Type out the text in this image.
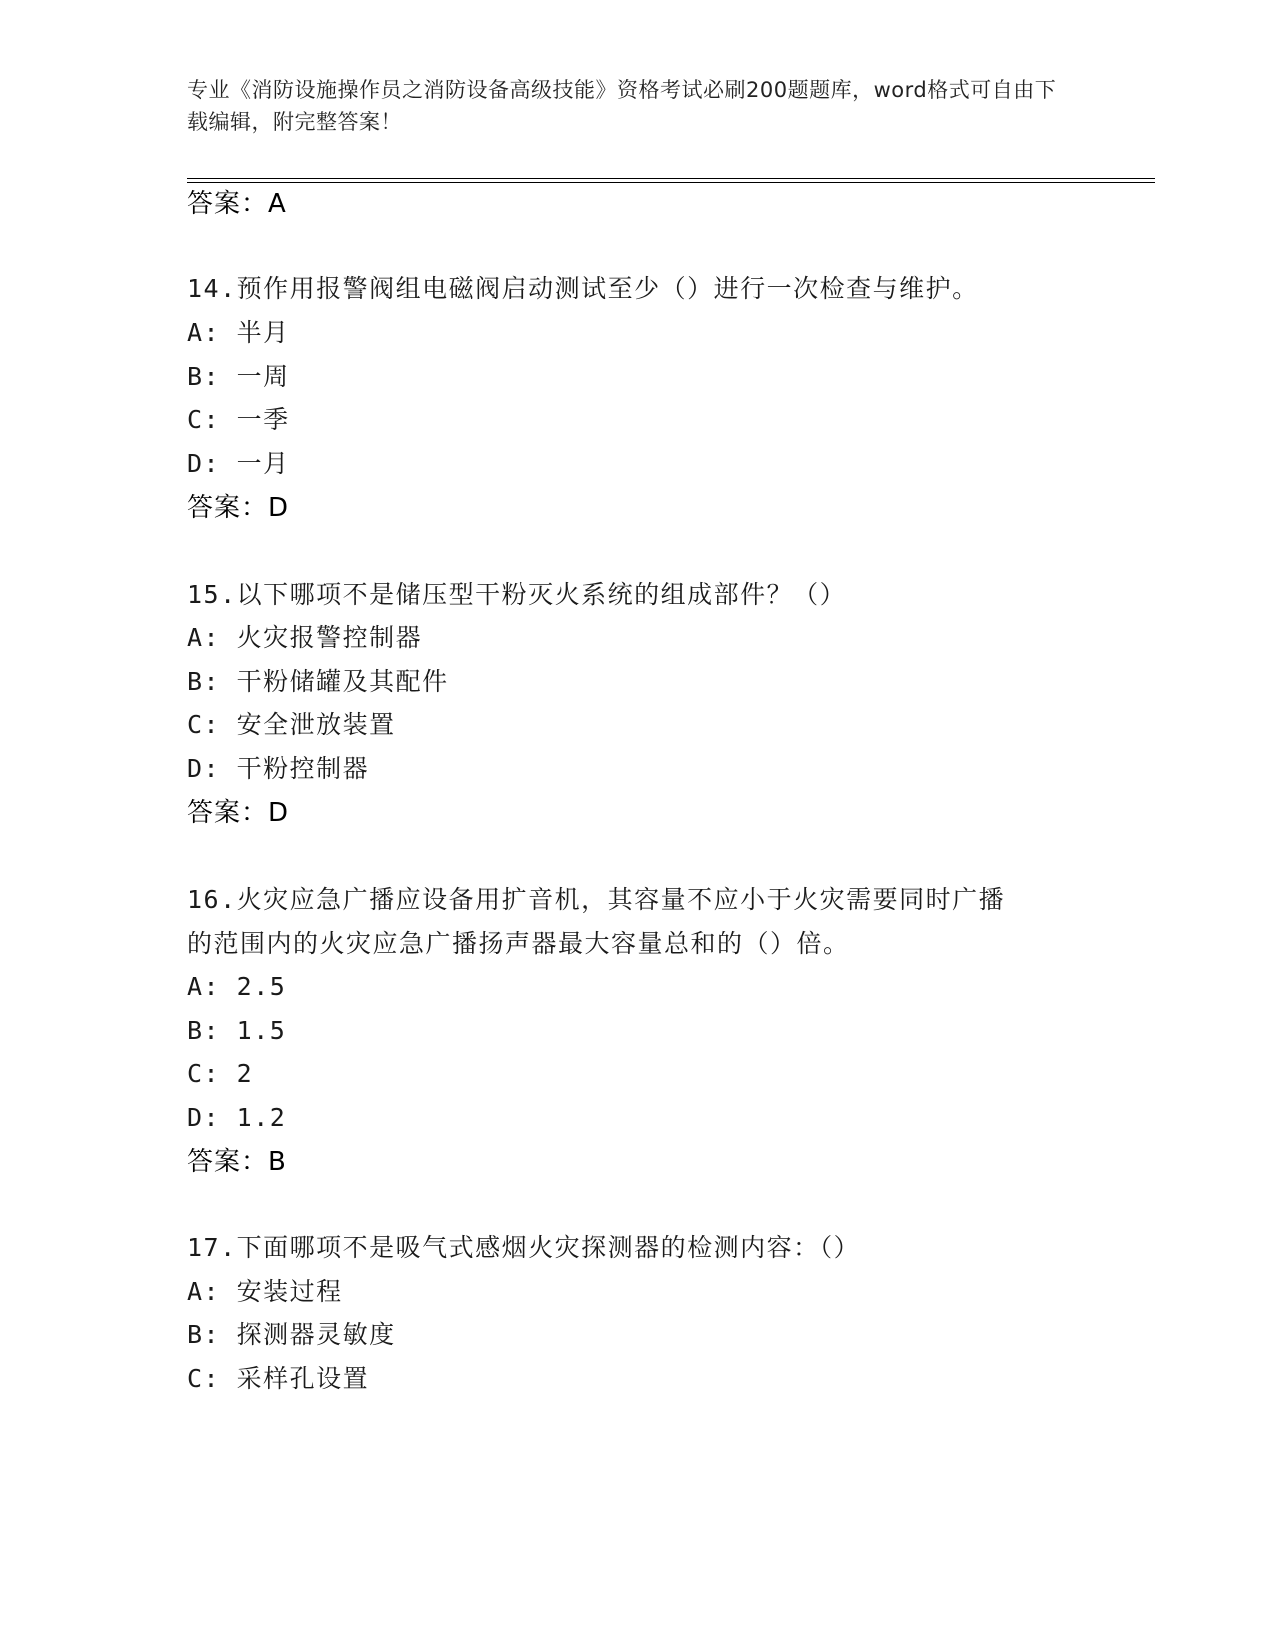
专业《消防设施操作员之消防设备高级技能》资格考试必刷200题题库，word格式可自由下载编辑，附完整答案！
答案：A
14.预作用报警阀组电磁阀启动测试至少（）进行一次检查与维护。
A: 半月
B: 一周
C: 一季
D: 一月
答案：D
15.以下哪项不是储压型干粉灭火系统的组成部件？（）
A: 火灾报警控制器
B: 干粉储罐及其配件
C: 安全泄放装置
D: 干粉控制器
答案：D
16.火灾应急广播应设备用扩音机，其容量不应小于火灾需要同时广播
的范围内的火灾应急广播扬声器最大容量总和的（）倍。
A: 2.5
B: 1.5
C: 2
D: 1.2
答案：B
17.下面哪项不是吸气式感烟火灾探测器的检测内容：（）
A: 安装过程
B: 探测器灵敏度
C: 采样孔设置
